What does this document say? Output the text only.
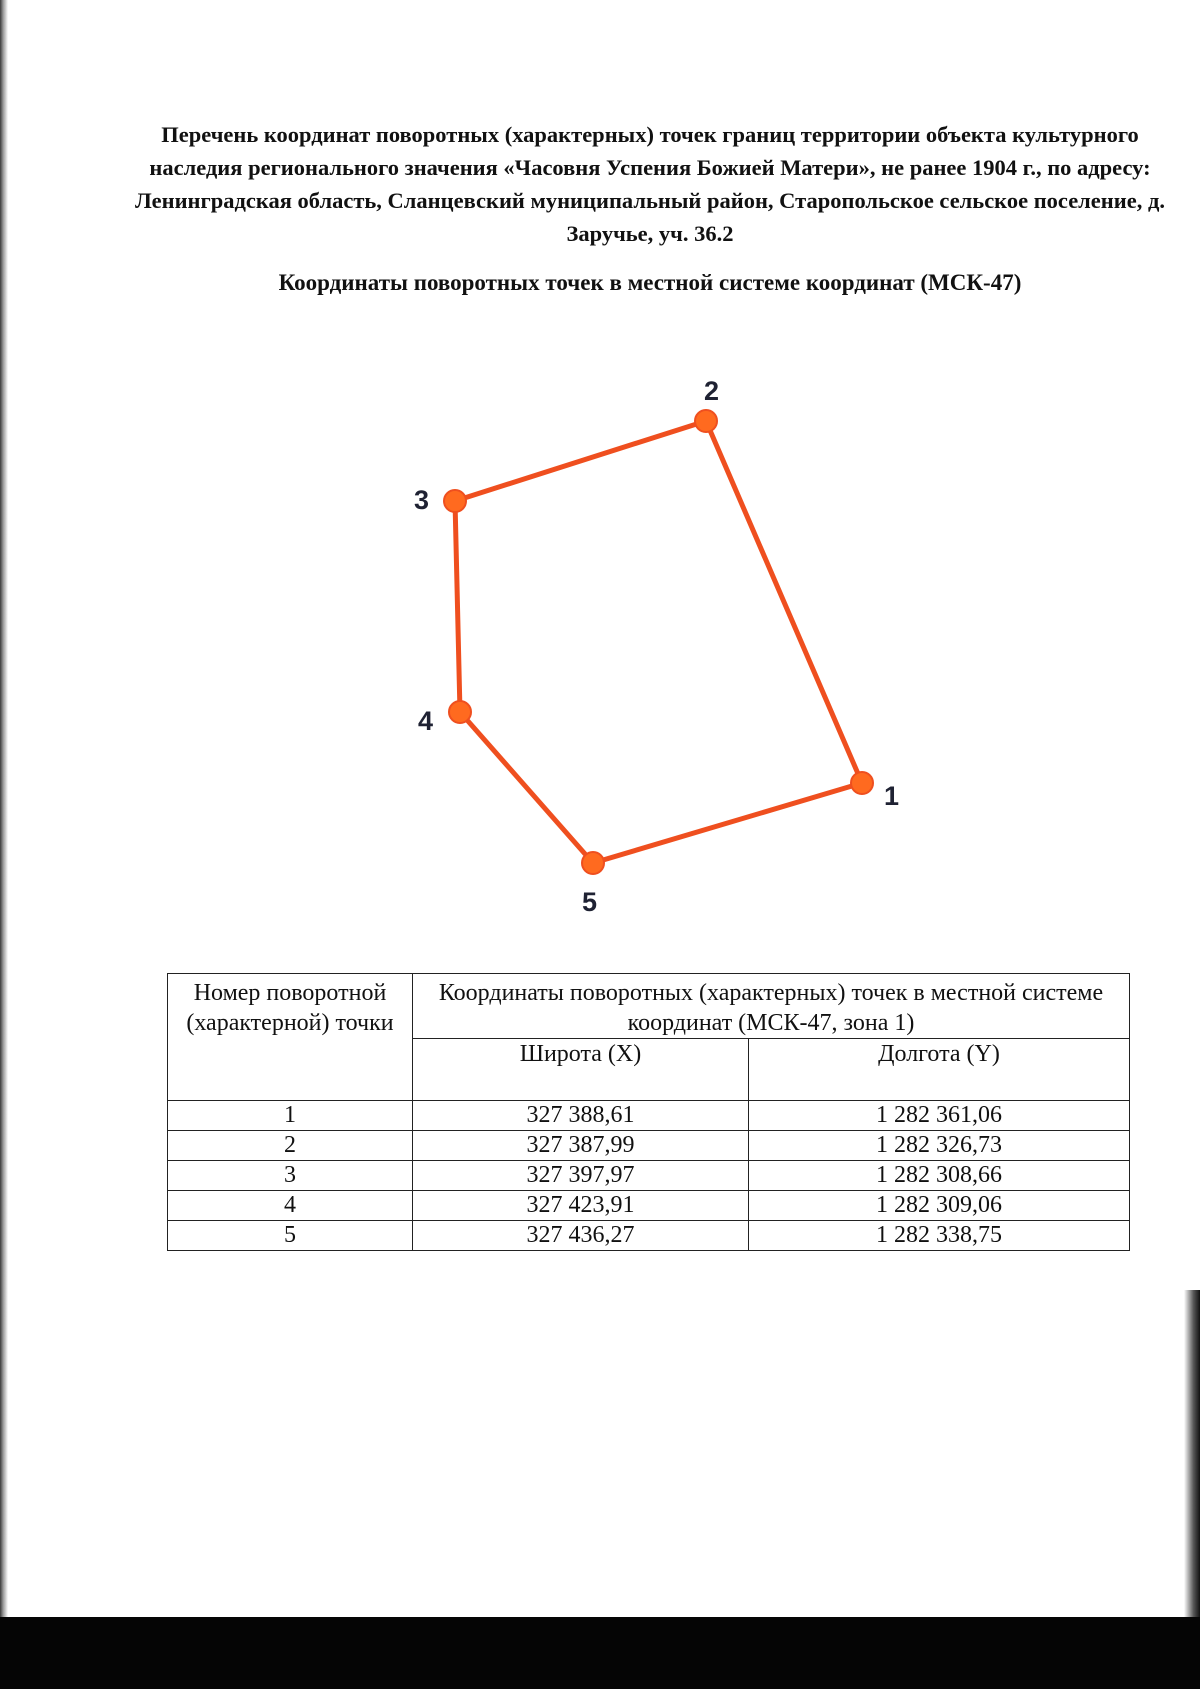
Перечень координат поворотных (характерных) точек границ территории объекта культурного наследия регионального значения «Часовня Успения Божией Матери», не ранее 1904 г., по адресу: Ленинградская область, Сланцевский муниципальный район, Старопольское сельское поселение, д. Заручье, уч. 36.2
Координаты поворотных точек в местной системе координат (МСК-47)
1
2
3
4
5
Номер поворотной (характерной) точки	Координаты поворотных (характерных) точек в местной системе координат (МСК-47, зона 1)	
	Широта (X)	Долгота (Y)
1	327 388,61	1 282 361,06
2	327 387,99	1 282 326,73
3	327 397,97	1 282 308,66
4	327 423,91	1 282 309,06
5	327 436,27	1 282 338,75
